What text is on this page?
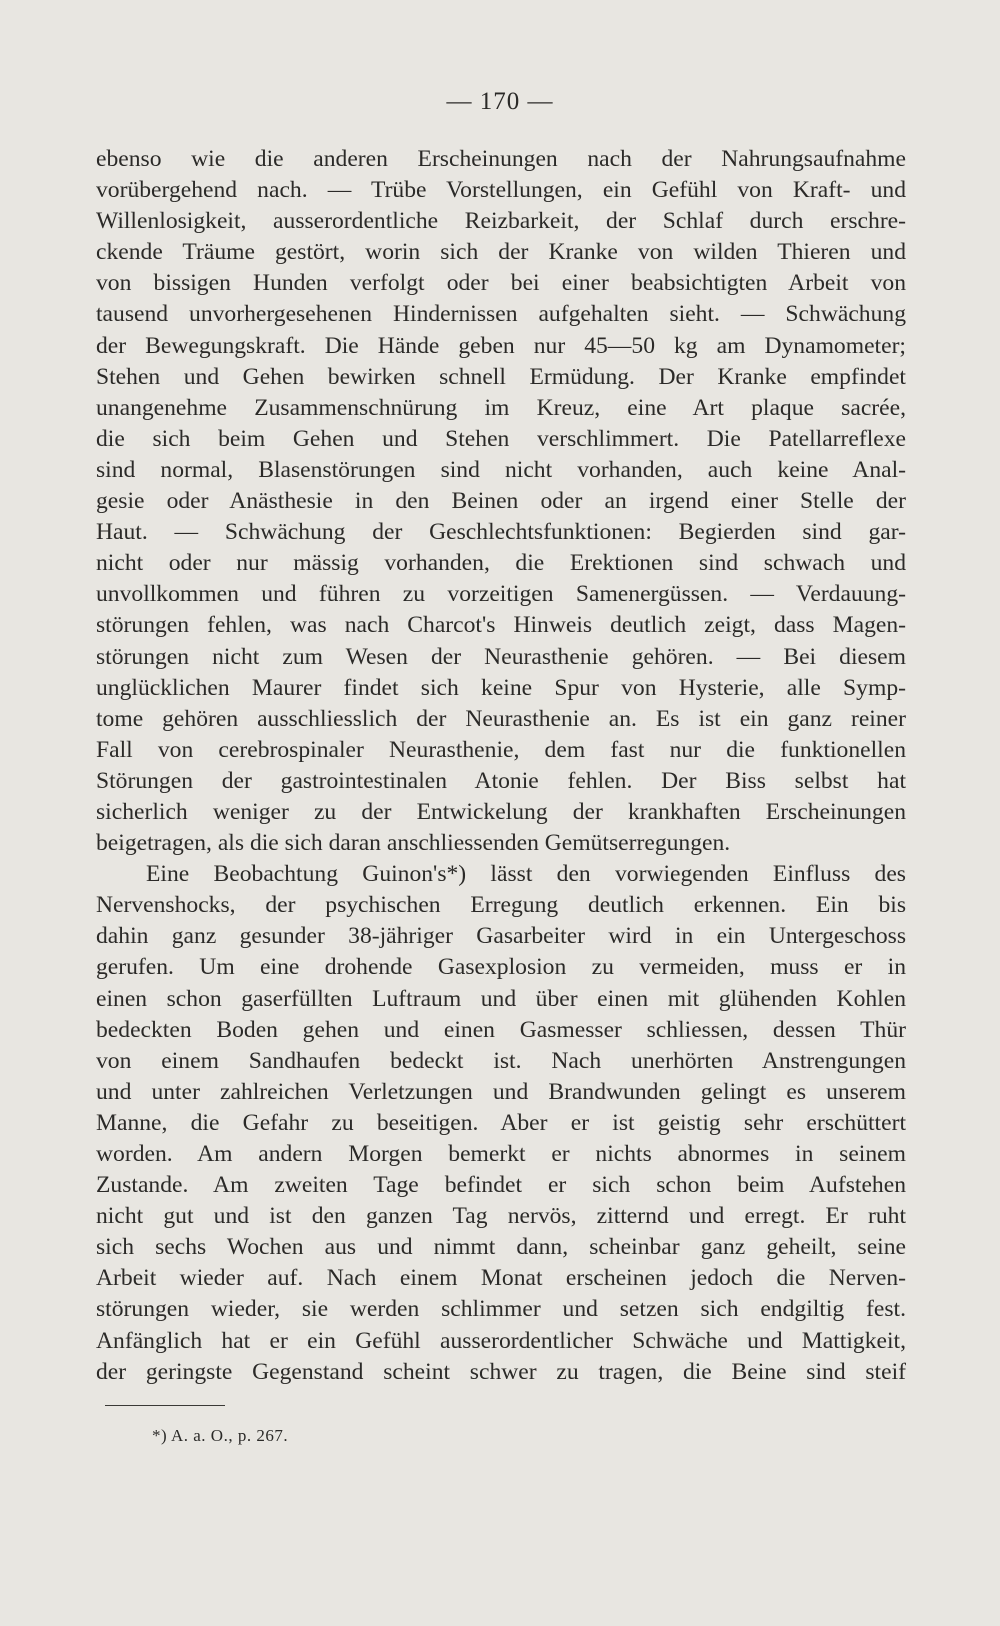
— 170 —
ebenso wie die anderen Erscheinungen nach der Nahrungsaufnahme
vorübergehend nach. — Trübe Vorstellungen, ein Gefühl von Kraft- und
Willenlosigkeit, ausserordentliche Reizbarkeit, der Schlaf durch erschre-
ckende Träume gestört, worin sich der Kranke von wilden Thieren und
von bissigen Hunden verfolgt oder bei einer beabsichtigten Arbeit von
tausend unvorhergesehenen Hindernissen aufgehalten sieht. — Schwächung
der Bewegungskraft. Die Hände geben nur 45—50 kg am Dynamometer;
Stehen und Gehen bewirken schnell Ermüdung. Der Kranke empfindet
unangenehme Zusammenschnürung im Kreuz, eine Art plaque sacrée,
die sich beim Gehen und Stehen verschlimmert. Die Patellarreflexe
sind normal, Blasenstörungen sind nicht vorhanden, auch keine Anal-
gesie oder Anästhesie in den Beinen oder an irgend einer Stelle der
Haut. — Schwächung der Geschlechtsfunktionen: Begierden sind gar-
nicht oder nur mässig vorhanden, die Erektionen sind schwach und
unvollkommen und führen zu vorzeitigen Samenergüssen. — Verdauung-
störungen fehlen, was nach Charcot's Hinweis deutlich zeigt, dass Magen-
störungen nicht zum Wesen der Neurasthenie gehören. — Bei diesem
unglücklichen Maurer findet sich keine Spur von Hysterie, alle Symp-
tome gehören ausschliesslich der Neurasthenie an. Es ist ein ganz reiner
Fall von cerebrospinaler Neurasthenie, dem fast nur die funktionellen
Störungen der gastrointestinalen Atonie fehlen. Der Biss selbst hat
sicherlich weniger zu der Entwickelung der krankhaften Erscheinungen
beigetragen, als die sich daran anschliessenden Gemütserregungen.
Eine Beobachtung Guinon's*) lässt den vorwiegenden Einfluss des
Nervenshocks, der psychischen Erregung deutlich erkennen. Ein bis
dahin ganz gesunder 38-jähriger Gasarbeiter wird in ein Untergeschoss
gerufen. Um eine drohende Gasexplosion zu vermeiden, muss er in
einen schon gaserfüllten Luftraum und über einen mit glühenden Kohlen
bedeckten Boden gehen und einen Gasmesser schliessen, dessen Thür
von einem Sandhaufen bedeckt ist. Nach unerhörten Anstrengungen
und unter zahlreichen Verletzungen und Brandwunden gelingt es unserem
Manne, die Gefahr zu beseitigen. Aber er ist geistig sehr erschüttert
worden. Am andern Morgen bemerkt er nichts abnormes in seinem
Zustande. Am zweiten Tage befindet er sich schon beim Aufstehen
nicht gut und ist den ganzen Tag nervös, zitternd und erregt. Er ruht
sich sechs Wochen aus und nimmt dann, scheinbar ganz geheilt, seine
Arbeit wieder auf. Nach einem Monat erscheinen jedoch die Nerven-
störungen wieder, sie werden schlimmer und setzen sich endgiltig fest.
Anfänglich hat er ein Gefühl ausserordentlicher Schwäche und Mattigkeit,
der geringste Gegenstand scheint schwer zu tragen, die Beine sind steif
*) A. a. O., p. 267.
